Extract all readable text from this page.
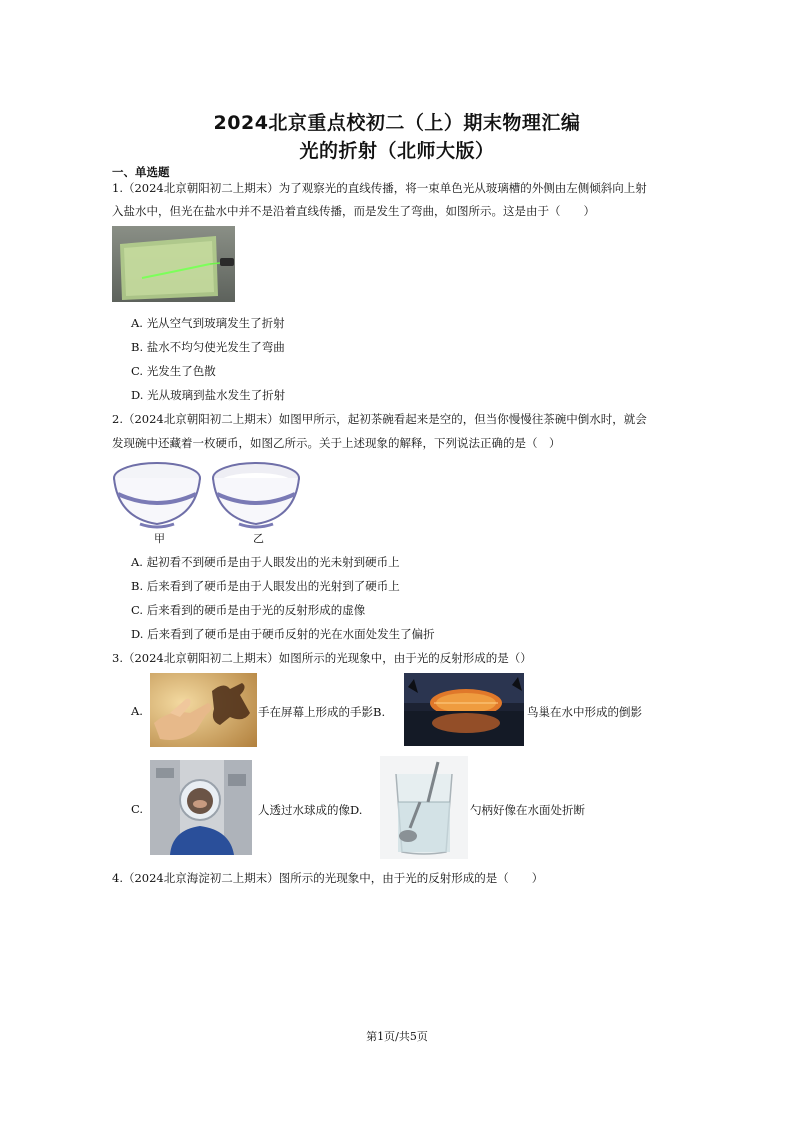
2024北京重点校初二（上）期末物理汇编
光的折射（北师大版）
一、单选题
1.（2024北京朝阳初二上期末）为了观察光的直线传播，将一束单色光从玻璃槽的外侧由左侧倾斜向上射
入盐水中，但光在盐水中并不是沿着直线传播，而是发生了弯曲，如图所示。这是由于（　　）
A. 光从空气到玻璃发生了折射
B. 盐水不均匀使光发生了弯曲
C. 光发生了色散
D. 光从玻璃到盐水发生了折射
2.（2024北京朝阳初二上期末）如图甲所示，起初茶碗看起来是空的，但当你慢慢往茶碗中倒水时，就会
发现碗中还藏着一枚硬币，如图乙所示。关于上述现象的解释，下列说法正确的是（　）
甲	乙
A. 起初看不到硬币是由于人眼发出的光未射到硬币上
B. 后来看到了硬币是由于人眼发出的光射到了硬币上
C. 后来看到的硬币是由于光的反射形成的虚像
D. 后来看到了硬币是由于硬币反射的光在水面处发生了偏折
3.（2024北京朝阳初二上期末）如图所示的光现象中，由于光的反射形成的是（）
A.	手在屏幕上形成的手影B.	鸟巢在水中形成的倒影
C.	人透过水球成的像D.	勺柄好像在水面处折断
4.（2024北京海淀初二上期末）图所示的光现象中，由于光的反射形成的是（　　）
第1页/共5页
